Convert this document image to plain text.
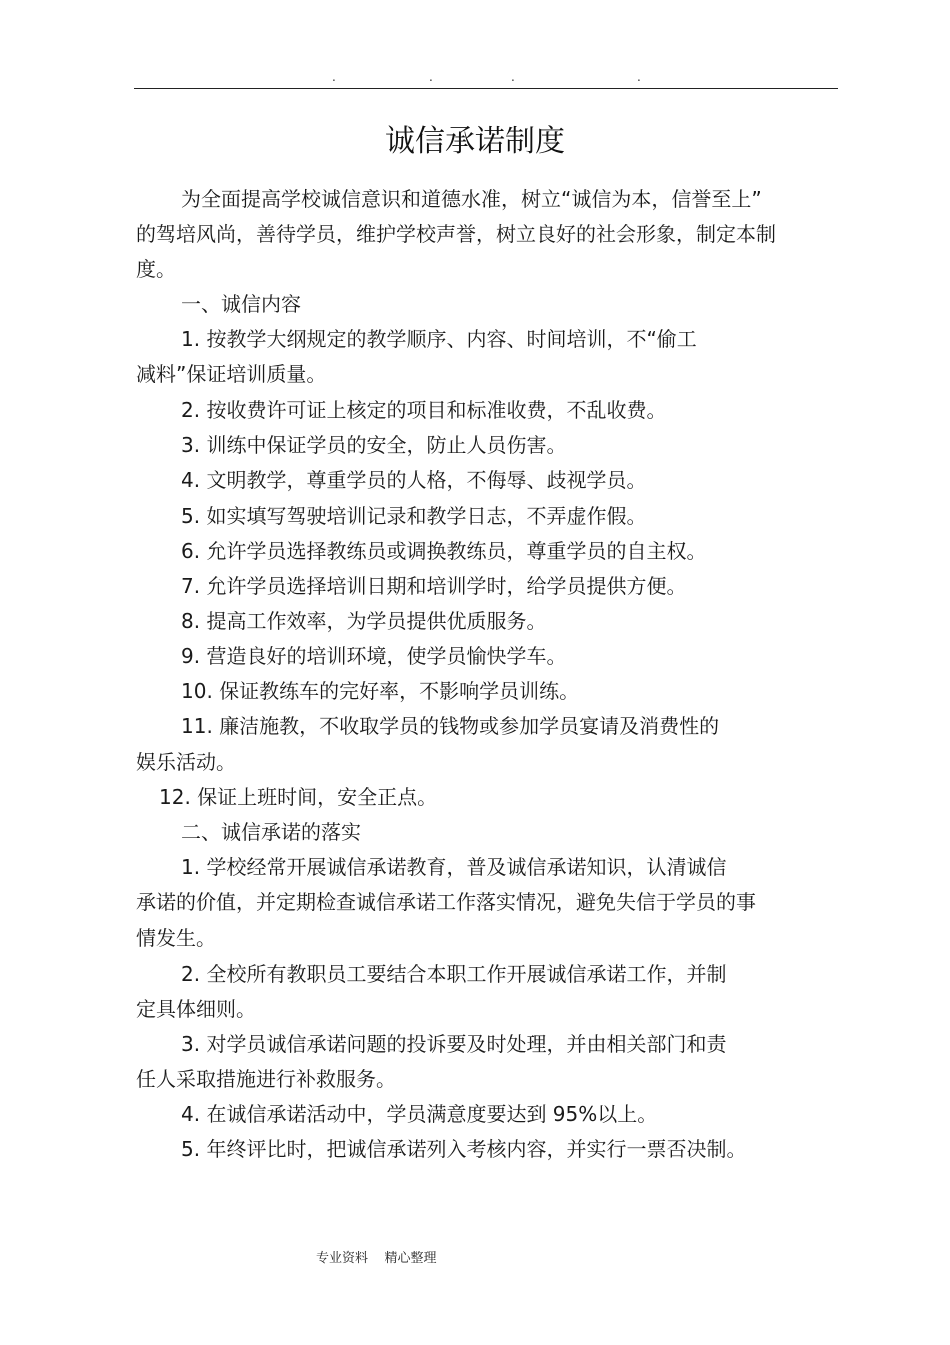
.	.	.	.
诚信承诺制度
为全面提高学校诚信意识和道德水准，树立“诚信为本，信誉至上”
的驾培风尚，善待学员，维护学校声誉，树立良好的社会形象，制定本制
度。
一、诚信内容
1. 按教学大纲规定的教学顺序、内容、时间培训，不“偷工
减料”保证培训质量。
2. 按收费许可证上核定的项目和标准收费，不乱收费。
3. 训练中保证学员的安全，防止人员伤害。
4. 文明教学，尊重学员的人格，不侮辱、歧视学员。
5. 如实填写驾驶培训记录和教学日志，不弄虚作假。
6. 允许学员选择教练员或调换教练员，尊重学员的自主权。
7. 允许学员选择培训日期和培训学时，给学员提供方便。
8. 提高工作效率，为学员提供优质服务。
9. 营造良好的培训环境，使学员愉快学车。
10. 保证教练车的完好率，不影响学员训练。
11. 廉洁施教，不收取学员的钱物或参加学员宴请及消费性的
娱乐活动。
12. 保证上班时间，安全正点。
二、诚信承诺的落实
1. 学校经常开展诚信承诺教育，普及诚信承诺知识，认清诚信
承诺的价值，并定期检查诚信承诺工作落实情况，避免失信于学员的事
情发生。
2. 全校所有教职员工要结合本职工作开展诚信承诺工作，并制
定具体细则。
3. 对学员诚信承诺问题的投诉要及时处理，并由相关部门和责
任人采取措施进行补救服务。
4. 在诚信承诺活动中，学员满意度要达到 95%以上。
5. 年终评比时，把诚信承诺列入考核内容，并实行一票否决制。
专业资料    精心整理
